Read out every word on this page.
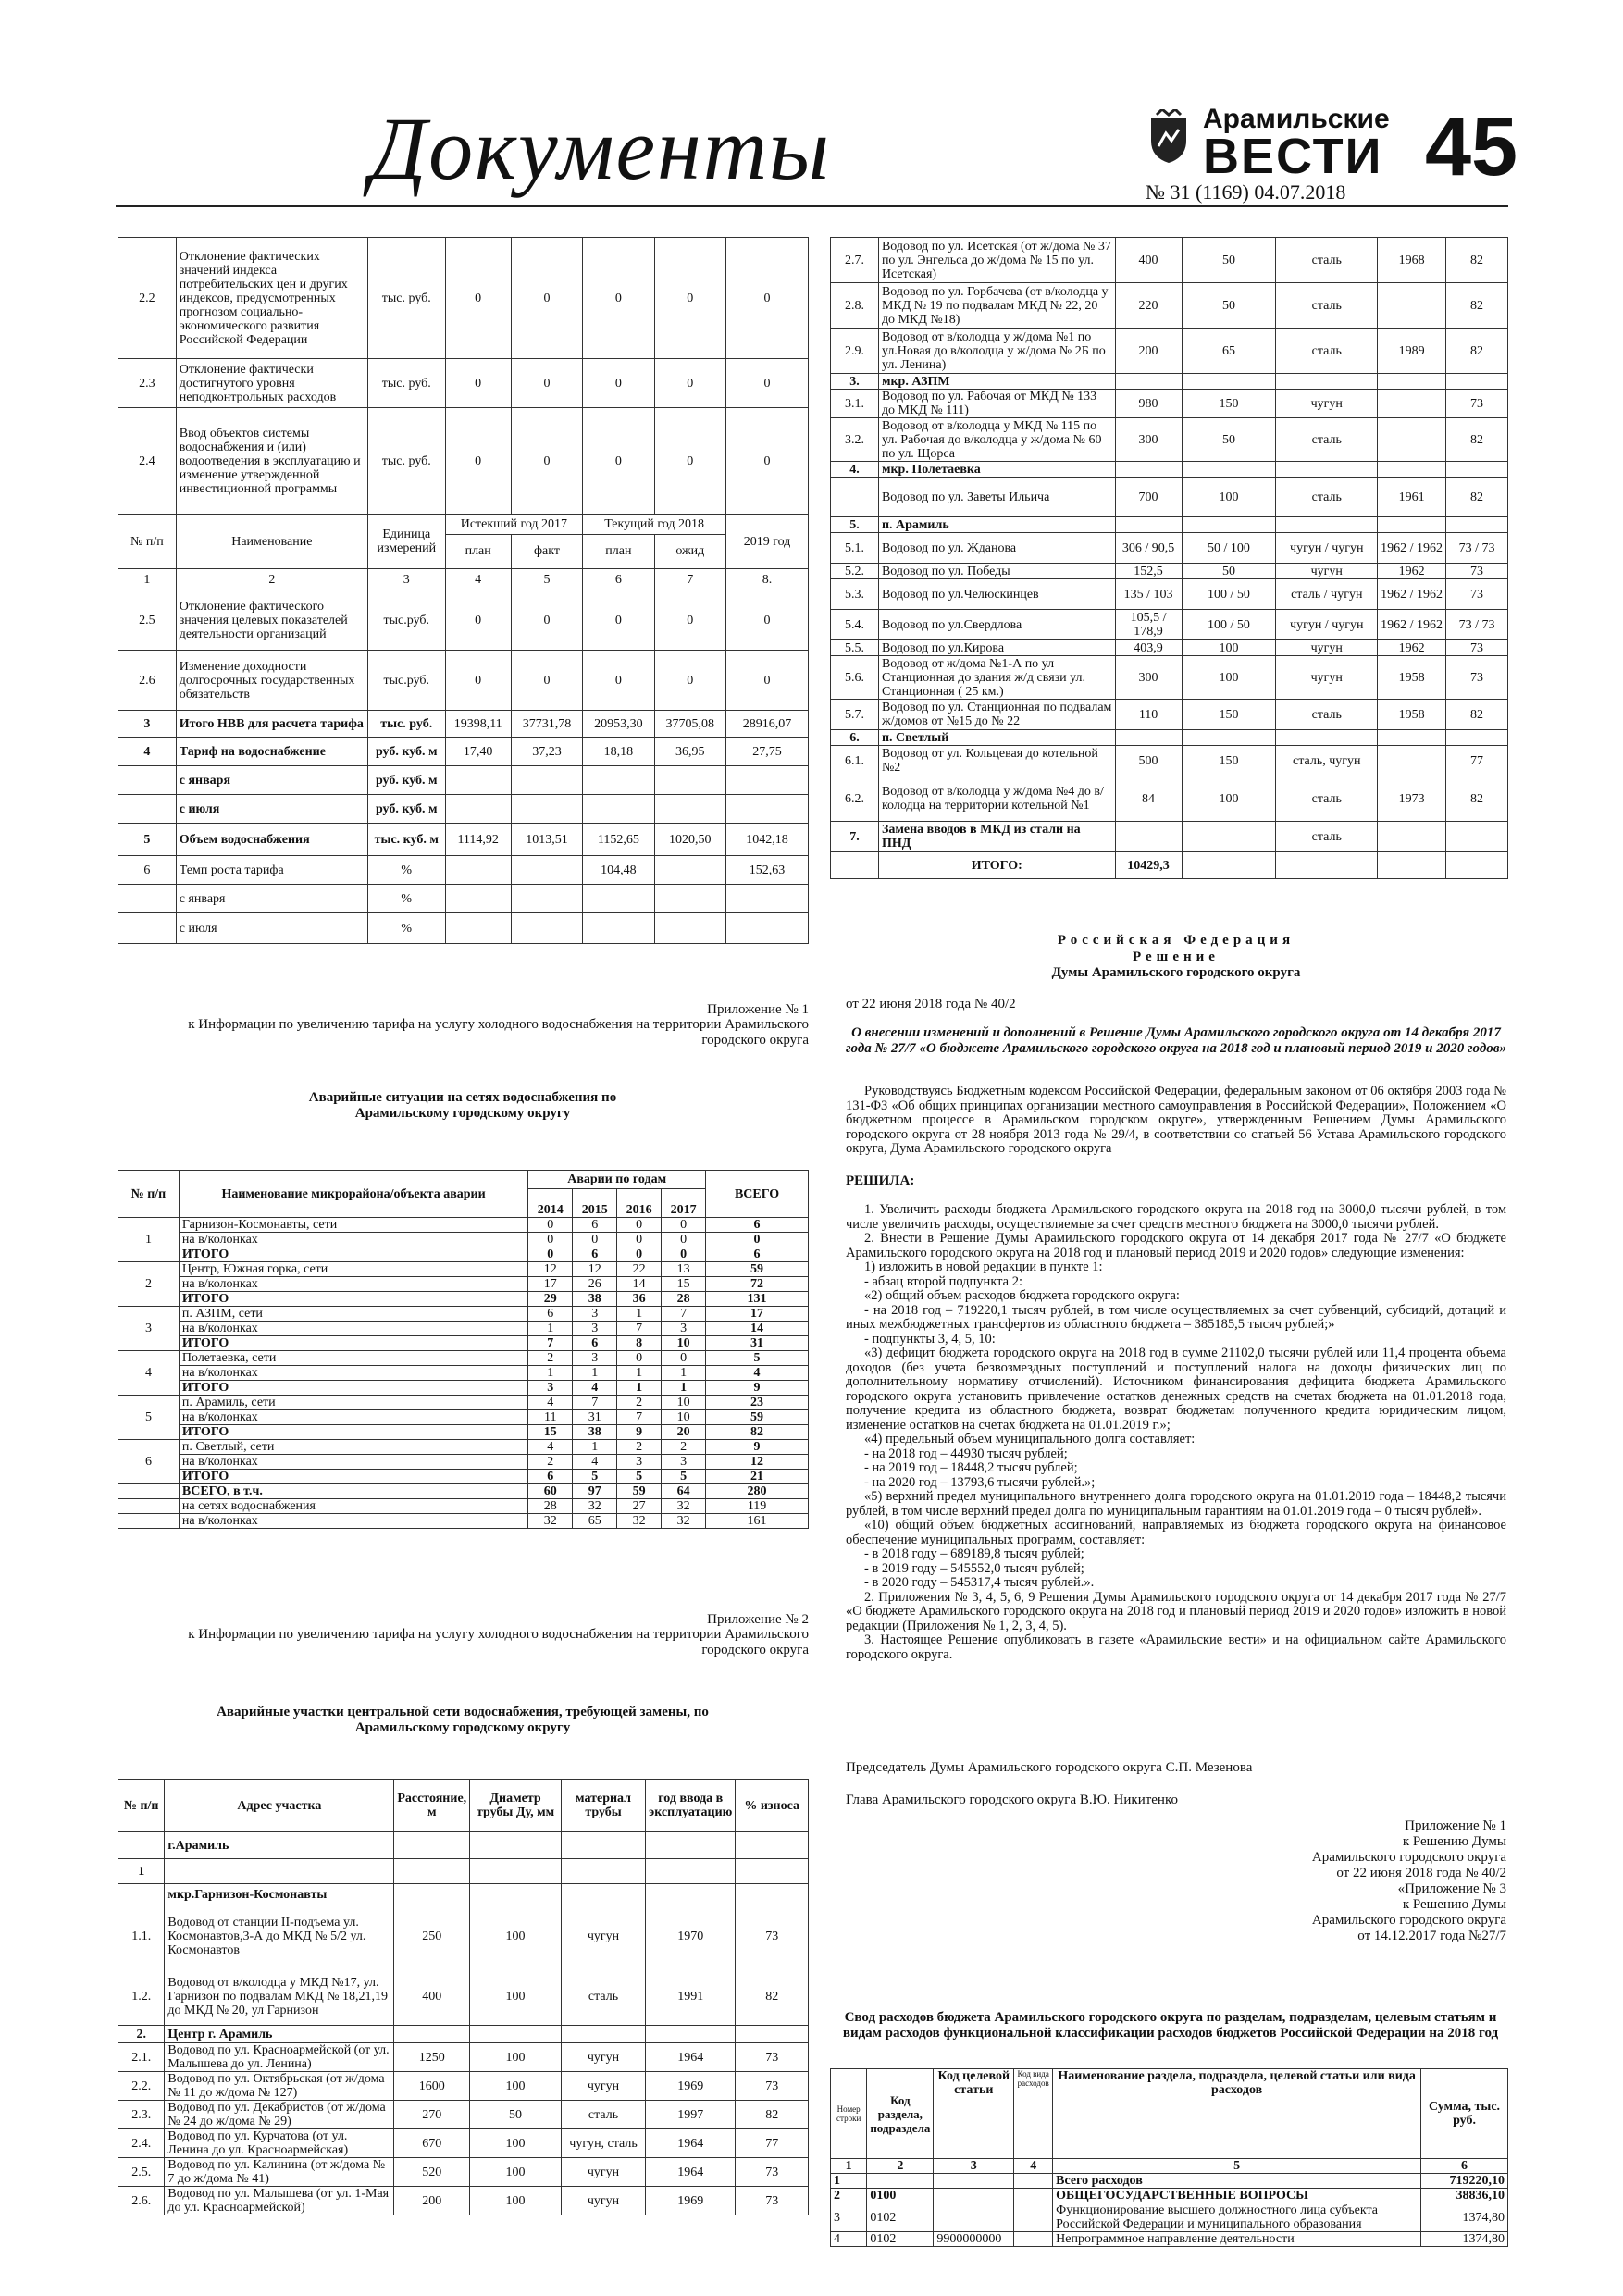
Документы	Арамильские
ВЕСТИ
№ 31 (1169) 04.07.2018 45
2.2	Отклонение фактических значений индекса потребительских цен и других индексов, предусмотренных прогнозом социально-экономического развития Российской Федерации	тыс. руб.	0	0	0	0	0
2.3	Отклонение фактически достигнутого уровня неподконтрольных расходов	тыс. руб.	0	0	0	0	0
2.4	Ввод объектов системы водоснабжения и (или) водоотведения в эксплуатацию и изменение утвержденной инвестиционной программы	тыс. руб.	0	0	0	0	0
№ п/п	Наименование	Единица измерений	Истекший год 2017		Текущий год 2018		2019 год
			план	факт	план	ожид	
1	2	3	4	5	6	7	8.
2.5	Отклонение фактического значения целевых показателей деятельности организаций	тыс.руб.	0	0	0	0	0
2.6	Изменение доходности долгосрочных государственных обязательств	тыс.руб.	0	0	0	0	0
3	Итого НВВ для расчета тарифа	тыс. руб.	19398,11	37731,78	20953,30	37705,08	28916,07
4	Тариф на водоснабжение	руб. куб. м	17,40	37,23	18,18	36,95	27,75
	с января	руб. куб. м					
	с июля	руб. куб. м					
5	Объем водоснабжения	тыс. куб. м	1114,92	1013,51	1152,65	1020,50	1042,18
6	Темп роста тарифа	%			104,48		152,63
	с января	%					
	с июля	%					
Приложение № 1
к Информации по увеличению тарифа на услугу холодного водоснабжения на территории Арамильского городского округа
Аварийные ситуации на сетях водоснабжения по Арамильскому городскому округу
№ п/п	Наименование микрорайона/объекта аварии	Аварии по годам				ВСЕГО
		2014	2015	2016	2017	
1	Гарнизон-Космонавты, сети	0	6	0	0	6
	на в/колонках	0	0	0	0	0
	ИТОГО	0	6	0	0	6
2	Центр, Южная горка, сети	12	12	22	13	59
	на в/колонках	17	26	14	15	72
	ИТОГО	29	38	36	28	131
3	п. АЗПМ, сети	6	3	1	7	17
	на в/колонках	1	3	7	3	14
	ИТОГО	7	6	8	10	31
4	Полетаевка, сети	2	3	0	0	5
	на в/колонках	1	1	1	1	4
	ИТОГО	3	4	1	1	9
5	п. Арамиль, сети	4	7	2	10	23
	на в/колонках	11	31	7	10	59
	ИТОГО	15	38	9	20	82
6	п. Светлый, сети	4	1	2	2	9
	на в/колонках	2	4	3	3	12
	ИТОГО	6	5	5	5	21
	ВСЕГО, в т.ч.	60	97	59	64	280
	на сетях водоснабжения	28	32	27	32	119
	на в/колонках	32	65	32	32	161
Приложение № 2
к Информации по увеличению тарифа на услугу холодного водоснабжения на территории Арамильского городского округа
Аварийные участки центральной сети водоснабжения, требующей замены, по Арамильскому городскому округу
№ п/п	Адрес участка	Расстояние, м	Диаметр трубы Ду, мм	материал трубы	год ввода в эксплуатацию	% износа
	г.Арамиль					
1						
	мкр.Гарнизон-Космонавты					
1.1.	Водовод от станции II-подъема ул. Космонавтов,3-А до МКД № 5/2 ул. Космонавтов	250	100	чугун	1970	73
1.2.	Водовод от в/колодца у МКД №17, ул. Гарнизон по подвалам МКД № 18,21,19 до МКД № 20, ул Гарнизон	400	100	сталь	1991	82
2.	Центр г. Арамиль					
2.1.	Водовод по ул. Красноармейской (от ул. Малышева до ул. Ленина)	1250	100	чугун	1964	73
2.2.	Водовод по ул. Октябрьская (от ж/дома № 11 до ж/дома № 127)	1600	100	чугун	1969	73
2.3.	Водовод по ул. Декабристов (от ж/дома № 24 до ж/дома № 29)	270	50	сталь	1997	82
2.4.	Водовод по ул. Курчатова (от ул. Ленина до ул. Красноармейская)	670	100	чугун, сталь	1964	77
2.5.	Водовод по ул. Калинина (от ж/дома № 7 до ж/дома № 41)	520	100	чугун	1964	73
2.6.	Водовод по ул. Малышева (от ул. 1-Мая до ул. Красноармейской)	200	100	чугун	1969	73
2.7.	Водовод по ул. Исетская (от ж/дома № 37 по ул. Энгельса до ж/дома № 15 по ул. Исетская)	400	50	сталь	1968	82
2.8.	Водовод по ул. Горбачева (от в/колодца у МКД № 19 по подвалам МКД № 22, 20 до МКД №18)	220	50	сталь		82
2.9.	Водовод от в/колодца у ж/дома №1 по ул.Новая до в/колодца у ж/дома № 2Б по ул. Ленина)	200	65	сталь	1989	82
3.	мкр. АЗПМ					
3.1.	Водовод по ул. Рабочая от МКД № 133 до МКД № 111)	980	150	чугун		73
3.2.	Водовод от в/колодца у МКД № 115 по ул. Рабочая до в/колодца у ж/дома № 60 по ул. Щорса	300	50	сталь		82
4.	мкр. Полетаевка					
	Водовод по ул. Заветы Ильича	700	100	сталь	1961	82
5.	п. Арамиль					
5.1.	Водовод по ул. Жданова	306 / 90,5	50 / 100	чугун / чугун	1962 / 1962	73 / 73
5.2.	Водовод по ул. Победы	152,5	50	чугун	1962	73
5.3.	Водовод по ул.Челюскинцев	135 / 103	100 / 50	сталь / чугун	1962 / 1962	73
5.4.	Водовод по ул.Свердлова	105,5 / 178,9	100 / 50	чугун / чугун	1962 / 1962	73 / 73
5.5.	Водовод по ул.Кирова	403,9	100	чугун	1962	73
5.6.	Водовод от ж/дома №1-А по ул Станционная до здания ж/д связи ул. Станционная ( 25 км.)	300	100	чугун	1958	73
5.7.	Водовод по ул. Станционная по подвалам ж/домов от №15 до № 22	110	150	сталь	1958	82
6.	п. Светлый					
6.1.	Водовод от ул. Кольцевая до котельной №2	500	150	сталь, чугун		77
6.2.	Водовод от в/колодца у ж/дома №4 до в/колодца на территории котельной №1	84	100	сталь	1973	82
7.	Замена вводов в МКД из стали на ПНД			сталь		
	ИТОГО:	10429,3				
Российская Федерация
Решение
Думы Арамильского городского округа
от 22 июня 2018 года № 40/2
О внесении изменений и дополнений в Решение Думы Арамильского городского округа от 14 декабря 2017 года № 27/7 «О бюджете Арамильского городского округа на 2018 год и плановый период 2019 и 2020 годов»

Руководствуясь Бюджетным кодексом Российской Федерации, федеральным законом от 06 октября 2003 года № 131-ФЗ «Об общих принципах организации местного самоуправления в Российской Федерации», Положением «О бюджетном процессе в Арамильском городском округе», утвержденным Решением Думы Арамильского городского округа от 28 ноября 2013 года № 29/4, в соответствии со статьей 56 Устава Арамильского городского округа, Дума Арамильского городского округа

РЕШИЛА:

1. Увеличить расходы бюджета Арамильского городского округа на 2018 год на 3000,0 тысячи рублей, в том числе увеличить расходы, осуществляемые за счет средств местного бюджета на 3000,0 тысячи рублей.

2. Внести в Решение Думы Арамильского городского округа от 14 декабря 2017 года № 27/7 «О бюджете Арамильского городского округа на 2018 год и плановый период 2019 и 2020 годов» следующие изменения:

1) изложить в новой редакции в пункте 1:

- абзац второй подпункта 2:

«2) общий объем расходов бюджета городского округа:

- на 2018 год – 719220,1 тысяч рублей, в том числе осуществляемых за счет субвенций, субсидий, дотаций и иных межбюджетных трансфертов из областного бюджета – 385185,5 тысяч рублей;»

- подпункты 3, 4, 5, 10:

«3) дефицит бюджета городского округа на 2018 год в сумме 21102,0 тысячи рублей или 11,4 процента объема доходов (без учета безвозмездных поступлений и поступлений налога на доходы физических лиц по дополнительному нормативу отчислений). Источником финансирования дефицита бюджета Арамильского городского округа установить привлечение остатков денежных средств на счетах бюджета на 01.01.2018 года, получение кредита из областного бюджета, возврат бюджетам полученного кредита юридическим лицом, изменение остатков на счетах бюджета на 01.01.2019 г.»;

«4) предельный объем муниципального долга составляет:

- на 2018 год – 44930 тысяч рублей;

- на 2019 год – 18448,2 тысяч рублей;

- на 2020 год – 13793,6 тысячи рублей.»;

«5) верхний предел муниципального внутреннего долга городского округа на 01.01.2019 года – 18448,2 тысячи рублей, в том числе верхний предел долга по муниципальным гарантиям на 01.01.2019 года – 0 тысяч рублей».

«10) общий объем бюджетных ассигнований, направляемых из бюджета городского округа на финансовое обеспечение муниципальных программ, составляет:

- в 2018 году – 689189,8 тысяч рублей;

- в 2019 году – 545552,0 тысяч рублей;

- в 2020 году – 545317,4 тысяч рублей.».

2. Приложения № 3, 4, 5, 6, 9 Решения Думы Арамильского городского округа от 14 декабря 2017 года № 27/7 «О бюджете Арамильского городского округа на 2018 год и плановый период 2019 и 2020 годов» изложить в новой редакции (Приложения № 1, 2, 3, 4, 5).

3. Настоящее Решение опубликовать в газете «Арамильские вести» и на официальном сайте Арамильского городского округа.

Председатель Думы Арамильского городского округа С.П. Мезенова
Глава Арамильского городского округа В.Ю. Никитенко
Приложение № 1
к Решению Думы
Арамильского городского округа
от 22 июня 2018 года № 40/2
«Приложение № 3
к Решению Думы
Арамильского городского округа
от 14.12.2017 года №27/7
Свод расходов бюджета Арамильского городского округа по разделам, подразделам, целевым статьям и видам расходов функциональной классификации расходов бюджетов Российской Федерации на 2018 год
Номер строки	Код раздела, подраздела	Код целевой статьи	Код вида расходов	Наименование раздела, подраздела, целевой статьи или вида расходов	Сумма, тыс. руб.
1	2	3	4	5	6
1				Всего расходов	719220,10
2	0100			ОБЩЕГОСУДАРСТВЕННЫЕ ВОПРОСЫ	38836,10
3	0102			Функционирование высшего должностного лица субъекта Российской Федерации и муниципального образования	1374,80
4	0102	9900000000		Непрограммное направление деятельности	1374,80
